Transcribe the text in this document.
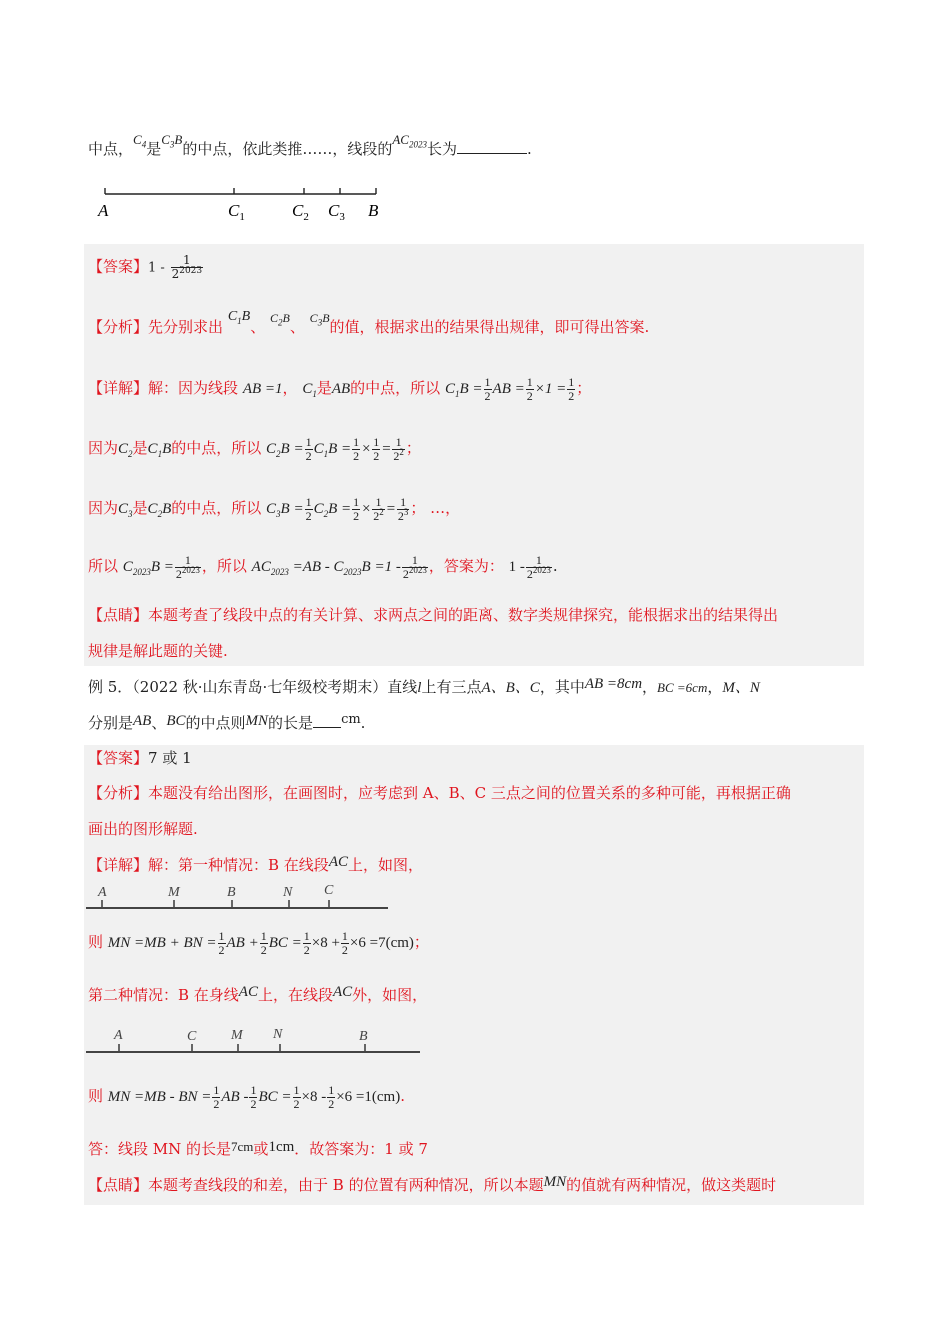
中点，$C_4$是$C_3B$的中点，依此类推……，线段的$AC_{2023}$长为	.
A	$C_1$	$C_2$ $C_3$ B
【答案】$1 - \frac{1}{2^{2023}}$
【分析】先分别求出 $C_1B$、 $^{C_2B}$、 $^{C_3B}$的值，根据求出的结果得出规律，即可得出答案.
【详解】解：因为线段 AB =1， $C_1$是AB的中点，所以 $C_1B = \frac{1}{2}$ AB = $\frac{1}{2} \times 1 = \frac{1}{2}$ ；
因为$C_2$是$C_1B$的中点，所以 $C_2B = \frac{1}{2} C_1B = \frac{1}{2} \times \frac{1}{2} = \frac{1}{2^2}$ ；
因为$C_3$是$C_2B$的中点，所以 $C_3B = \frac{1}{2} C_2B = \frac{1}{2} \times \frac{1}{2^2} = \frac{1}{2^3}$ ； …，
所以 $C_{2023}B = \frac{1}{2^{2023}}$ ，所以 $AC_{2023} =AB - C_{2023}B =1 - \frac{1}{2^{2023}}$ ，答案为： $1 - \frac{1}{2^{2023}}$ .
【点睛】本题考查了线段中点的有关计算、求两点之间的距离、数字类规律探究，能根据求出的结果得出
规律是解此题的关键.
例 5．（2022 秋·山东青岛·七年级校考期末）直线l上有三点A、B、C，其中AB =8cm，BC =6cm，M、N
分别是AB、BC的中点则MN的长是 cm.
【答案】7 或 1
【分析】本题没有给出图形，在画图时，应考虑到 A、B、C 三点之间的位置关系的多种可能，再根据正确
画出的图形解题.
【详解】解：第一种情况：B 在线段AC上，如图，
A	M	B	N C
则 MN =MB + BN = $\frac{1}{2}$ AB + $\frac{1}{2}$ BC = $\frac{1}{2} \times 8 + \frac{1}{2} \times 6 =7(cm)$；
第二种情况：B 在身线AC上，在线段AC外，如图，
A	C M N	B
则 MN =MB - BN = $\frac{1}{2}$ AB - $\frac{1}{2}$ BC = $\frac{1}{2} \times 8 - \frac{1}{2} \times 6 =1(cm)$.
答：线段 MN 的长是7cm或1cm．故答案为：1 或 7
【点睛】本题考查线段的和差，由于 B 的位置有两种情况，所以本题MN的值就有两种情况，做这类题时
